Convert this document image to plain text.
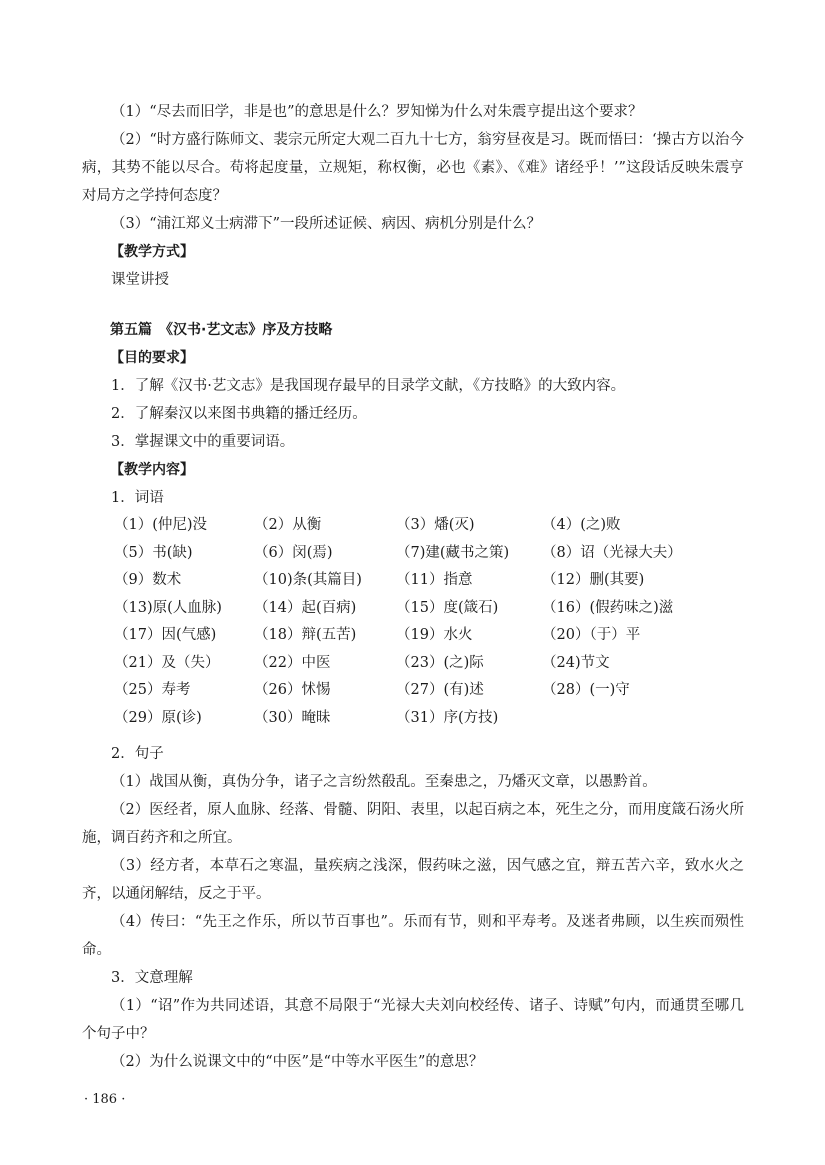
（1）“尽去而旧学，非是也”的意思是什么？罗知悌为什么对朱震亨提出这个要求？

（2）“时方盛行陈师文、裴宗元所定大观二百九十七方，翁穷昼夜是习。既而悟曰：‘操古方以治今病，其势不能以尽合。苟将起度量，立规矩，称权衡，必也《素》、《难》诸经乎！’”这段话反映朱震亨对局方之学持何态度？

（3）“浦江郑义士病滞下”一段所述证候、病因、病机分别是什么？

【教学方式】

课堂讲授

第五篇　《汉书·艺文志》序及方技略

【目的要求】

1．了解《汉书·艺文志》是我国现存最早的目录学文献，《方技略》的大致内容。

2．了解秦汉以来图书典籍的播迁经历。

3．掌握课文中的重要词语。

【教学内容】

1．词语

（1）(仲尼)没	（2）从衡	（3）燔(灭)	（4）(之)败
（5）书(缺)	（6）闵(焉)	（7)建(藏书之策)	（8）诏（光禄大夫）
（9）数术	（10)条(其篇目)	（11）指意	（12）删(其要)
（13)原(人血脉)	（14）起(百病)	（15）度(箴石)	（16）(假药味之)滋
（17）因(气感)	（18）辩(五苦)	（19）水火	（20）（于）平
（21）及（失）	（22）中医	（23）(之)际	（24)节文
（25）寿考	（26）怵惕	（27）(有)述	（28）(一)守
（29）原(诊)	（30）晻昧	（31）序(方技)

2．句子

（1）战国从衡，真伪分争，诸子之言纷然殽乱。至秦患之，乃燔灭文章，以愚黔首。

（2）医经者，原人血脉、经落、骨髓、阴阳、表里，以起百病之本，死生之分，而用度箴石汤火所施，调百药齐和之所宜。

（3）经方者，本草石之寒温，量疾病之浅深，假药味之滋，因气感之宜，辩五苦六辛，致水火之齐，以通闭解结，反之于平。

（4）传曰：“先王之作乐，所以节百事也”。乐而有节，则和平寿考。及迷者弗顾，以生疾而殒性命。

3．文意理解

（1）“诏”作为共同述语，其意不局限于“光禄大夫刘向校经传、诸子、诗赋”句内，而通贯至哪几个句子中？

（2）为什么说课文中的“中医”是“中等水平医生”的意思？

· 186 ·
